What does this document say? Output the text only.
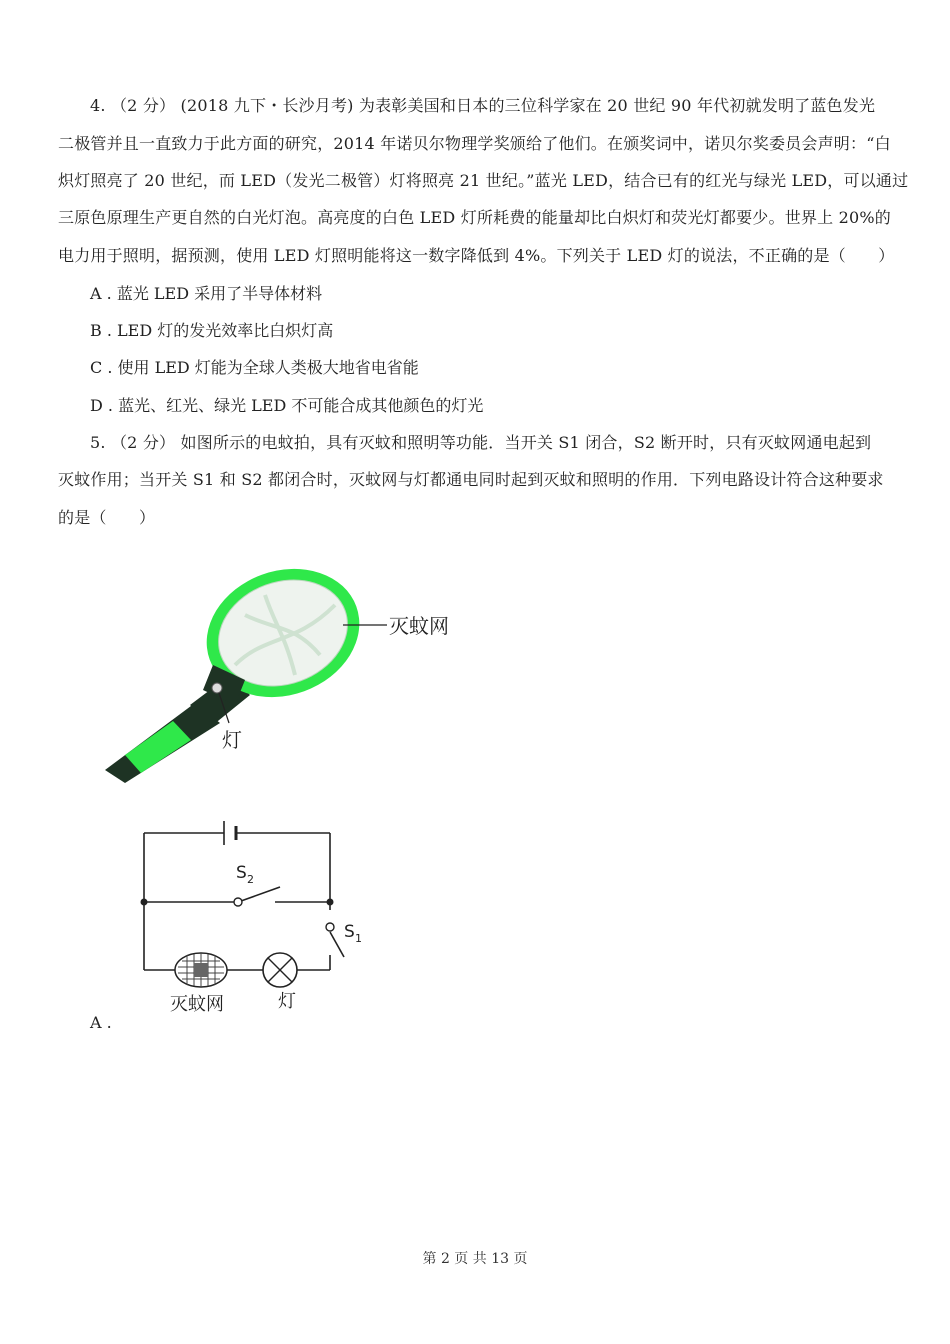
4. （2 分） (2018 九下・长沙月考) 为表彰美国和日本的三位科学家在 20 世纪 90 年代初就发明了蓝色发光
二极管并且一直致力于此方面的研究，2014 年诺贝尔物理学奖颁给了他们。在颁奖词中，诺贝尔奖委员会声明：“白
炽灯照亮了 20 世纪，而 LED（发光二极管）灯将照亮 21 世纪。”蓝光 LED，结合已有的红光与绿光 LED，可以通过
三原色原理生产更自然的白光灯泡。高亮度的白色 LED 灯所耗费的能量却比白炽灯和荧光灯都要少。世界上 20%的
电力用于照明，据预测，使用 LED 灯照明能将这一数字降低到 4%。下列关于 LED 灯的说法，不正确的是（　　）
A . 蓝光 LED 采用了半导体材料
B . LED 灯的发光效率比白炽灯高
C . 使用 LED 灯能为全球人类极大地省电省能
D . 蓝光、红光、绿光 LED 不可能合成其他颜色的灯光
5. （2 分） 如图所示的电蚊拍，具有灭蚊和照明等功能．当开关 S1 闭合，S2 断开时，只有灭蚊网通电起到
灭蚊作用；当开关 S1 和 S2 都闭合时，灭蚊网与灯都通电同时起到灭蚊和照明的作用．下列电路设计符合这种要求
的是（　　）
灭蚊网
灯
S 2
S 1
灭蚊网	灯
A .
第 2 页 共 13 页
